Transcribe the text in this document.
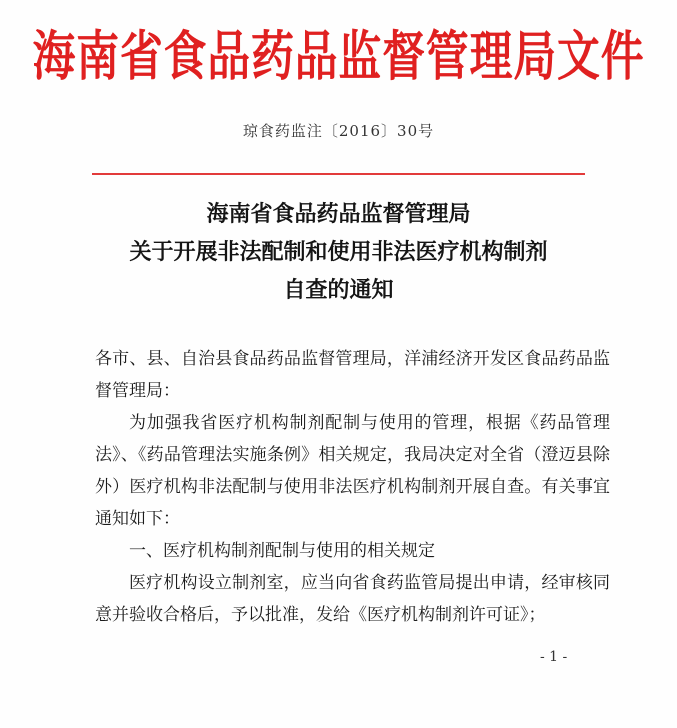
海南省食品药品监督管理局文件
琼食药监注〔2016〕30号
海南省食品药品监督管理局
关于开展非法配制和使用非法医疗机构制剂
自查的通知

各市、县、自治县食品药品监督管理局，洋浦经济开发区食品药品监督管理局：

为加强我省医疗机构制剂配制与使用的管理，根据《药品管理法》、《药品管理法实施条例》相关规定，我局决定对全省（澄迈县除外）医疗机构非法配制与使用非法医疗机构制剂开展自查。有关事宜通知如下：

一、医疗机构制剂配制与使用的相关规定

医疗机构设立制剂室，应当向省食药监管局提出申请，经审核同意并验收合格后，予以批准，发给《医疗机构制剂许可证》；

- 1 -
